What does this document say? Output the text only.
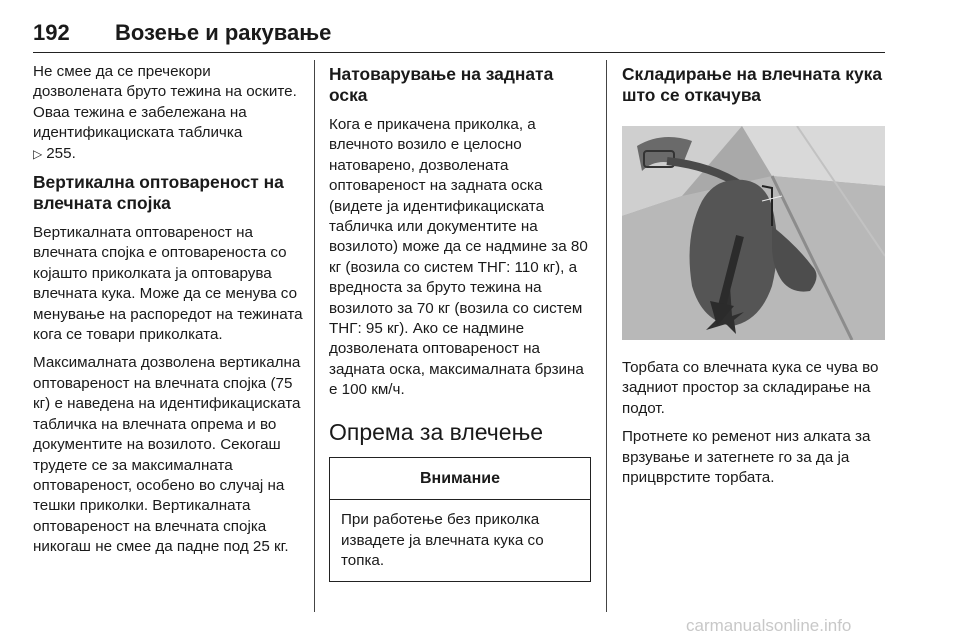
192 Возење и ракување

Не смее да се пречекори дозволената бруто тежина на оските. Оваа тежина е забележана на идентификациската табличка
▷ 255.

Вертикална оптовареност на влечната спојка

Вертикалната оптовареност на влечната спојка е оптовареноста со којашто приколката ја оптоварува влечната кука. Може да се менува со менување на распоредот на тежината кога се товари приколката.

Максималната дозволена вертикална оптовареност на влечната спојка (75 кг) е наведена на идентификациската табличка на влечната опрема и во документите на возилото. Секогаш трудете се за максималната оптовареност, особено во случај на тешки приколки. Вертикалната оптовареност на влечната спојка никогаш не смее да падне под 25 кг.

Натоварување на задната оска

Кога е прикачена приколка, а влечното возило е целосно натоварено, дозволената оптовареност на задната оска (видете ја идентификациската табличка или документите на возилото) може да се надмине за 80 кг (возила со систем ТНГ: 110 кг), а вредноста за бруто тежина на возилото за 70 кг (возила со систем ТНГ: 95 кг). Ако се надмине дозволената оптовареност на задната оска, максималната брзина е 100 км/ч.

Опрема за влечење
Внимание
При работење без приколка извадете ја влечната кука со топка.
Складирање на влечната кука што се откачува

Торбата со влечната кука се чува во задниот простор за складирање на подот.

Протнете ко ременот низ алката за врзување и затегнете го за да ја прицврстите торбата.

carmanualsonline.info
